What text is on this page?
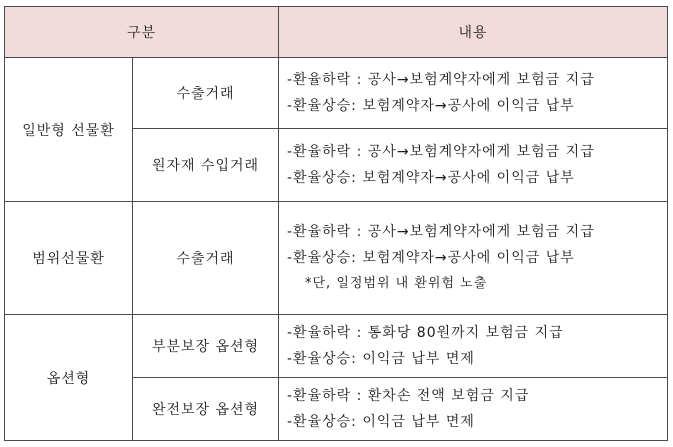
구분		내용
일반형 선물환	수출거래	-환율하락 : 공사→보험계약자에게 보험금 지급
-환율상승: 보험계약자→공사에 이익금 납부

	원자재 수입거래	-환율하락 : 공사→보험계약자에게 보험금 지급
-환율상승: 보험계약자→공사에 이익금 납부

범위선물환	수출거래	-환율하락 : 공사→보험계약자에게 보험금 지급
-환율상승: 보험계약자→공사에 이익금 납부
*단, 일정범위 내 환위험 노출

옵션형	부분보장 옵션형	-환율하락 : 통화당 80원까지 보험금 지급
-환율상승: 이익금 납부 면제

	완전보장 옵션형	-환율하락 : 환차손 전액 보험금 지급
-환율상승: 이익금 납부 면제
